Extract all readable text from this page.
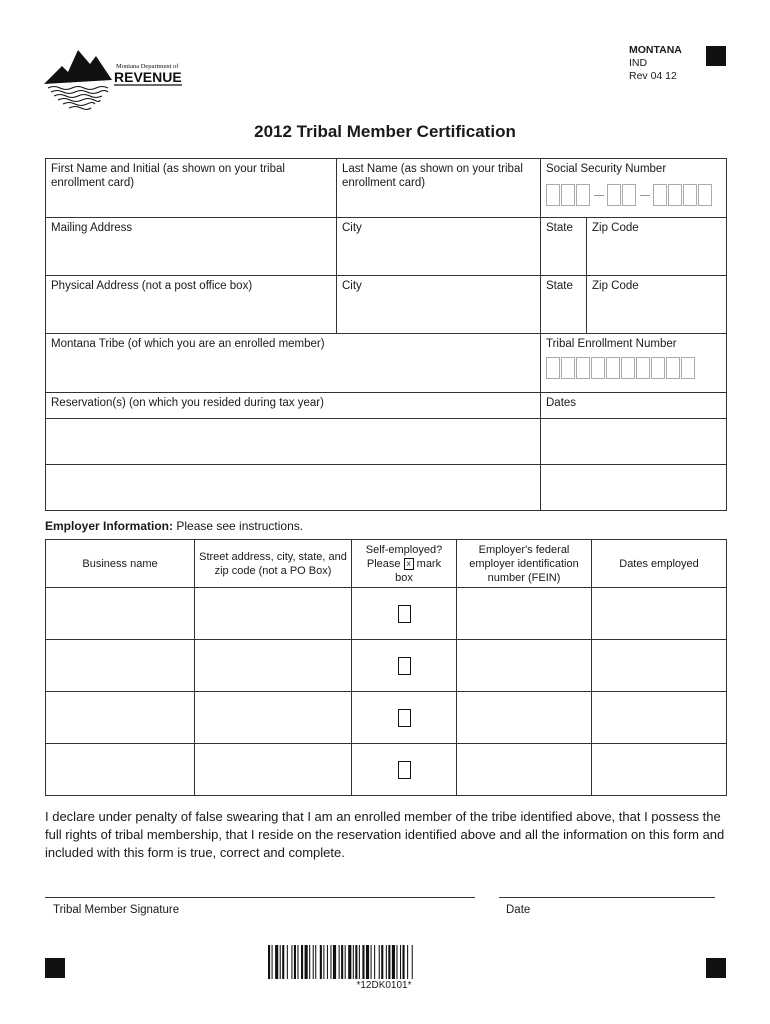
Montana Department of
REVENUE
MONTANA
IND
Rev 04 12
2012 Tribal Member Certification
First Name and Initial (as shown on your tribal enrollment card)	Last Name (as shown on your tribal enrollment card)	Social Security Number	

Mailing Address	City	State	Zip Code
Physical Address (not a post office box)	City	State	Zip Code
Montana Tribe (of which you are an enrolled member)		Tribal Enrollment Number	

Reservation(s) (on which you resided during tax year)		Dates	

Employer Information: Please see instructions.
Business name	Street address, city, state, and zip code (not a PO Box)	Self-employed?
Please x mark
box	Employer's federal employer identification number (FEIN)	Dates employed

I declare under penalty of false swearing that I am an enrolled member of the tribe identified above, that I possess the full rights of tribal membership, that I reside on the reservation identified above and all the information on this form and included with this form is true, correct and complete.
Tribal Member Signature	Date
*12DK0101*
